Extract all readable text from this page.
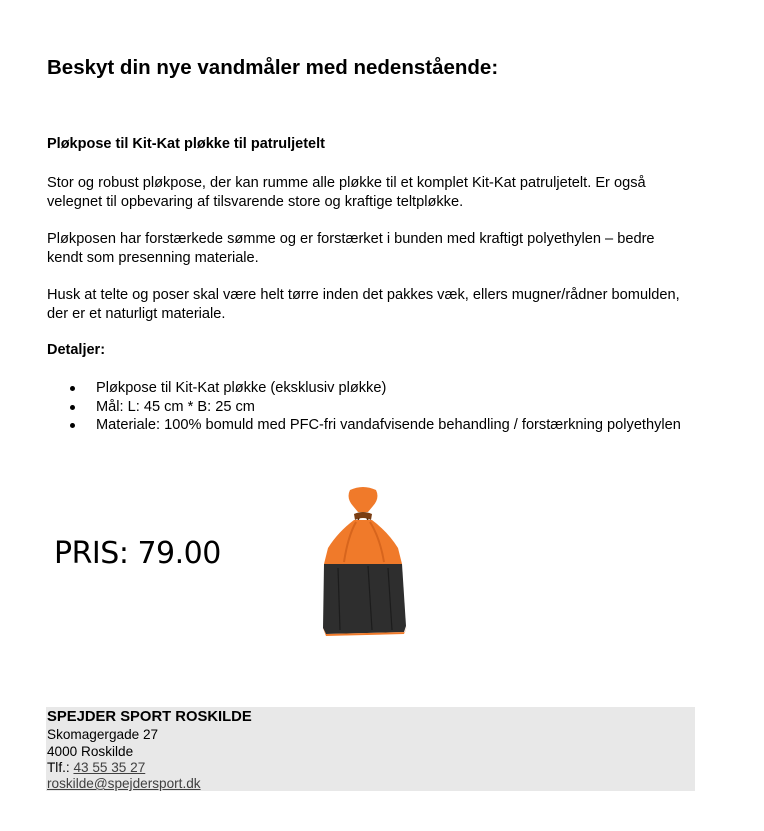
Beskyt din nye vandmåler med nedenstående:
Pløkpose til Kit-Kat pløkke til patruljetelt

Stor og robust pløkpose, der kan rumme alle pløkke til et komplet Kit-Kat patruljetelt. Er også velegnet til opbevaring af tilsvarende store og kraftige teltpløkke.

Pløkposen har forstærkede sømme og er forstærket i bunden med kraftigt polyethylen – bedre kendt som presenning materiale.

Husk at telte og poser skal være helt tørre inden det pakkes væk, ellers mugner/rådner bomulden, der er et naturligt materiale.

Detaljer:
Pløkpose til Kit-Kat pløkke (eksklusiv pløkke)
Mål: L: 45 cm * B: 25 cm
Materiale: 100% bomuld med PFC-fri vandafvisende behandling / forstærkning polyethylen
PRIS: 79.00
SPEJDER SPORT ROSKILDE
Skomagergade 27
4000 Roskilde
Tlf.: 43 55 35 27
roskilde@spejdersport.dk
